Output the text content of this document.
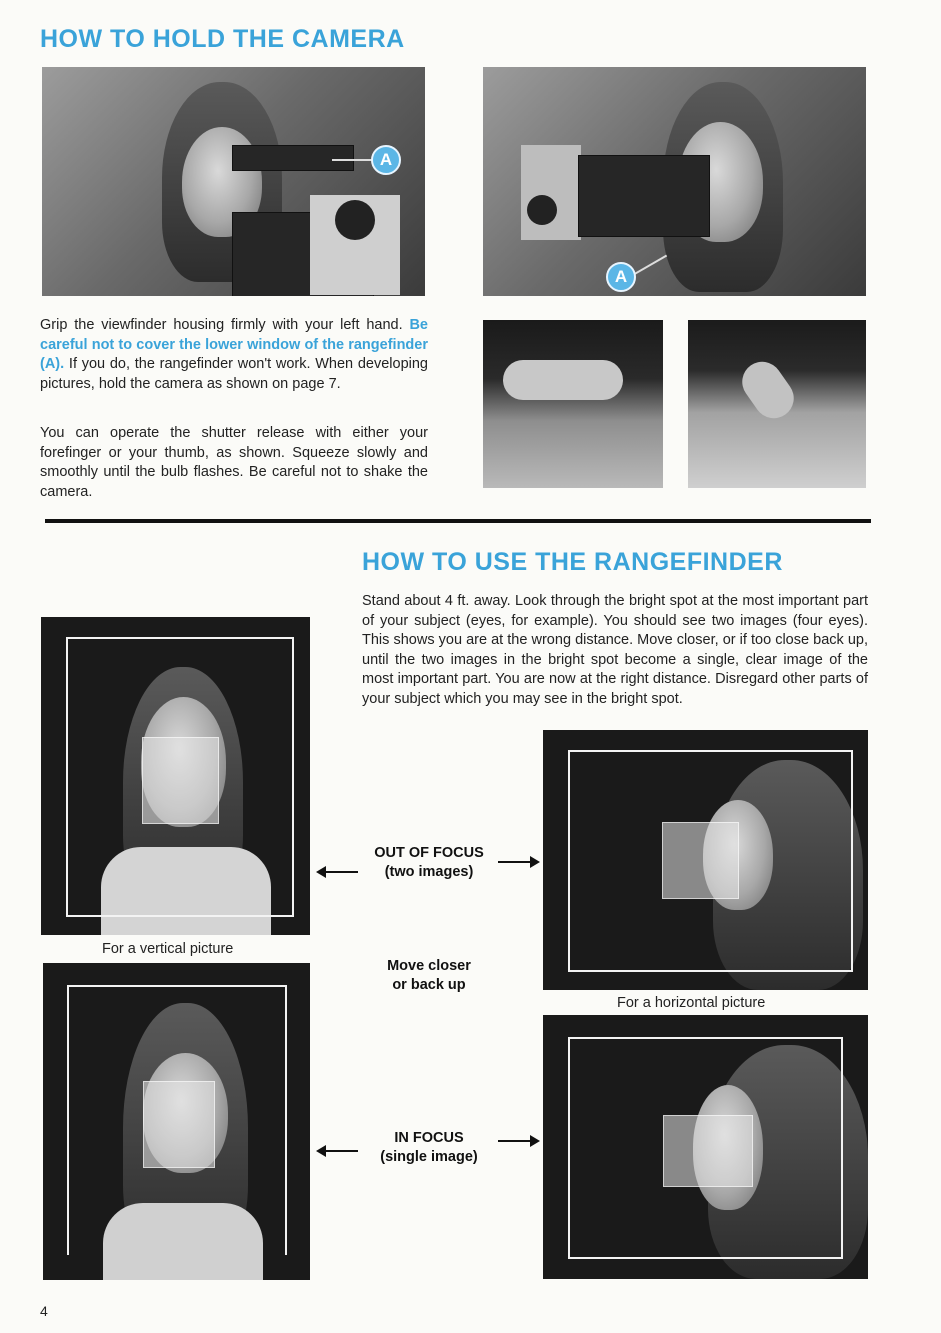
HOW TO HOLD THE CAMERA
A
A
Grip the viewfinder housing firmly with your left hand. Be careful not to cover the lower window of the rangefinder (A). If you do, the rangefinder won't work. When developing pictures, hold the camera as shown on page 7.
You can operate the shutter release with either your forefinger or your thumb, as shown. Squeeze slowly and smoothly until the bulb flashes. Be careful not to shake the camera.
HOW TO USE THE RANGEFINDER
Stand about 4 ft. away. Look through the bright spot at the most important part of your subject (eyes, for example). You should see two images (four eyes). This shows you are at the wrong distance. Move closer, or if too close back up, until the two images in the bright spot become a single, clear image of the most important part. You are now at the right distance. Disregard other parts of your subject which you may see in the bright spot.
For a vertical picture
For a horizontal picture
OUT OF FOCUS
(two images)
Move closer
or back up
IN FOCUS
(single image)
4
